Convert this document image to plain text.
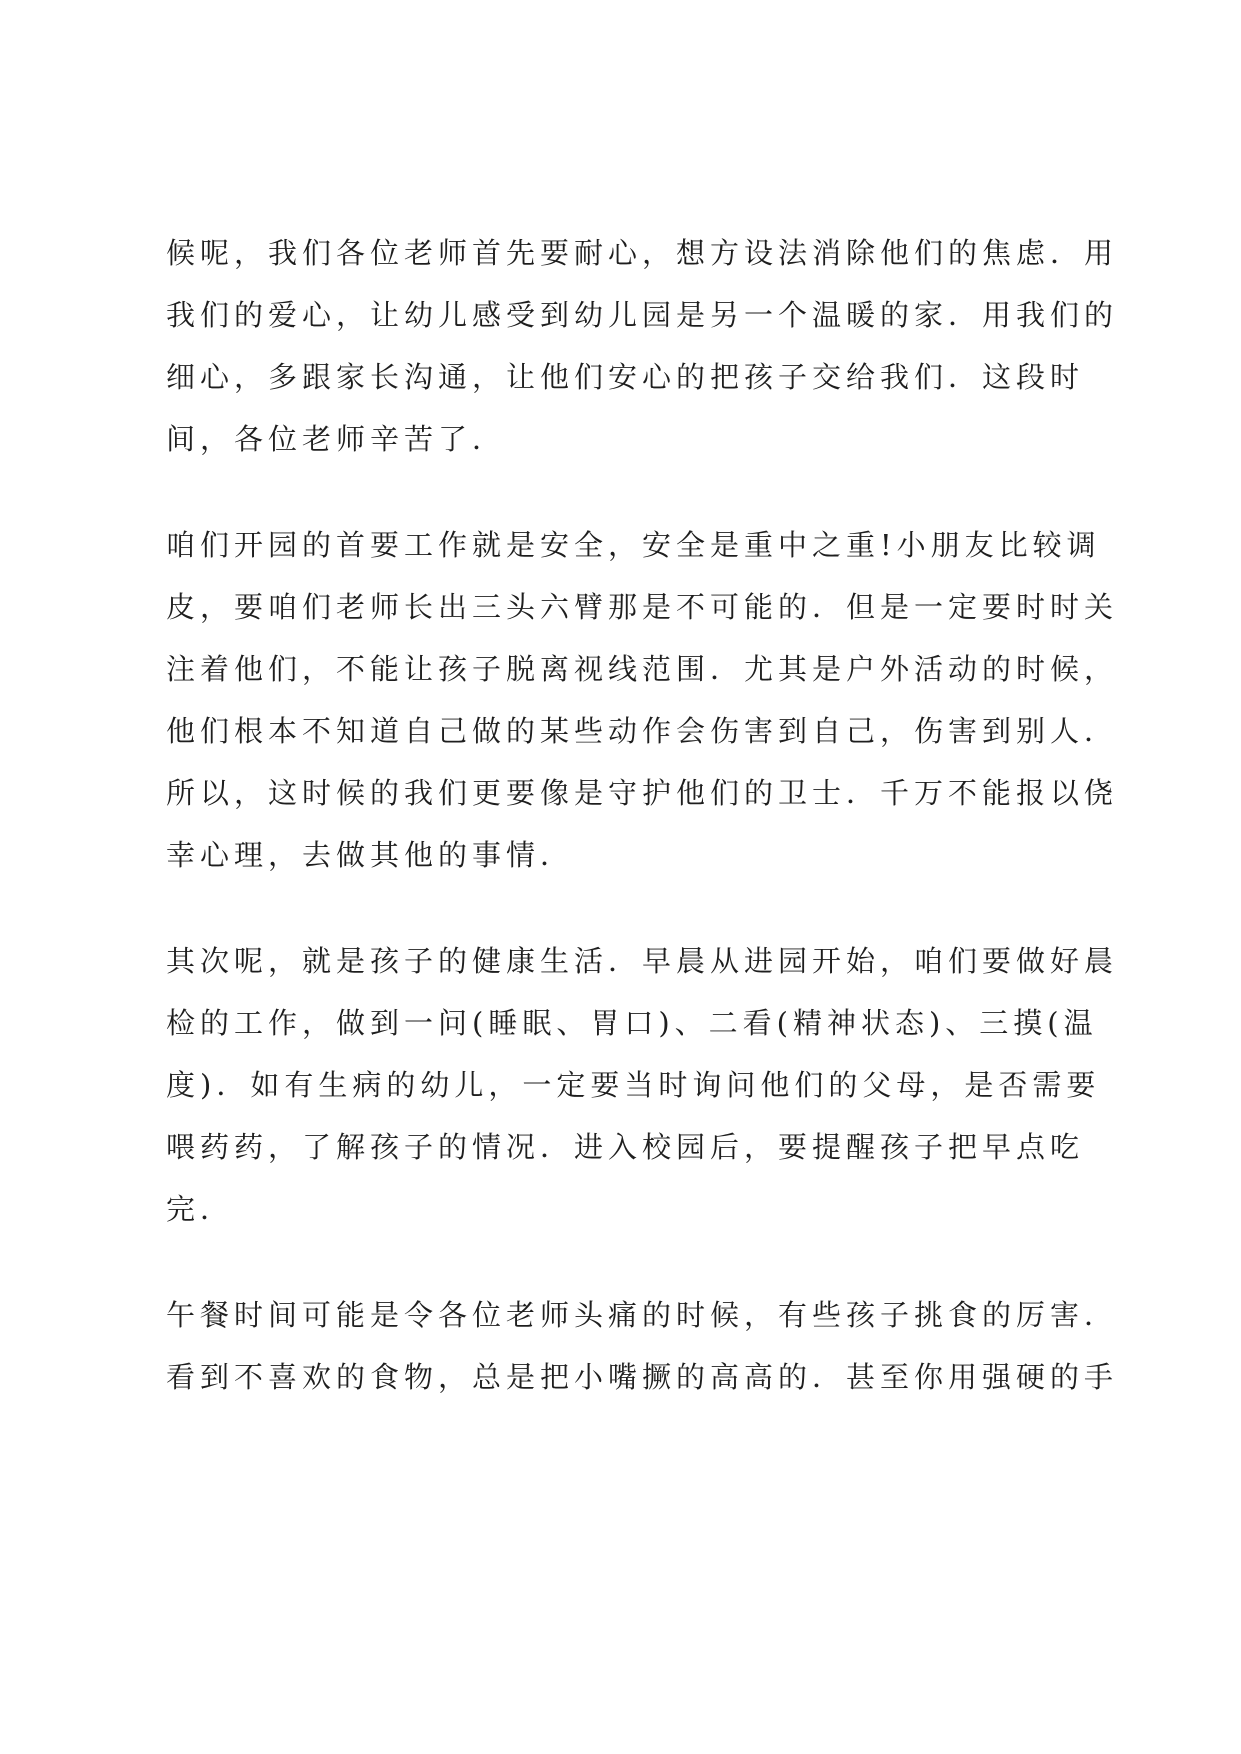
候呢，我们各位老师首先要耐心，想方设法消除他们的焦虑．用
我们的爱心，让幼儿感受到幼儿园是另一个温暖的家．用我们的
细心，多跟家长沟通，让他们安心的把孩子交给我们．这段时
间，各位老师辛苦了．
咱们开园的首要工作就是安全，安全是重中之重!小朋友比较调
皮，要咱们老师长出三头六臂那是不可能的．但是一定要时时关
注着他们，不能让孩子脱离视线范围．尤其是户外活动的时候，
他们根本不知道自己做的某些动作会伤害到自己，伤害到别人．
所以，这时候的我们更要像是守护他们的卫士．千万不能报以侥
幸心理，去做其他的事情．
其次呢，就是孩子的健康生活．早晨从进园开始，咱们要做好晨
检的工作，做到一问(睡眠、胃口)、二看(精神状态)、三摸(温
度)．如有生病的幼儿，一定要当时询问他们的父母，是否需要
喂药药，了解孩子的情况．进入校园后，要提醒孩子把早点吃
完．
午餐时间可能是令各位老师头痛的时候，有些孩子挑食的厉害．
看到不喜欢的食物，总是把小嘴撅的高高的．甚至你用强硬的手
